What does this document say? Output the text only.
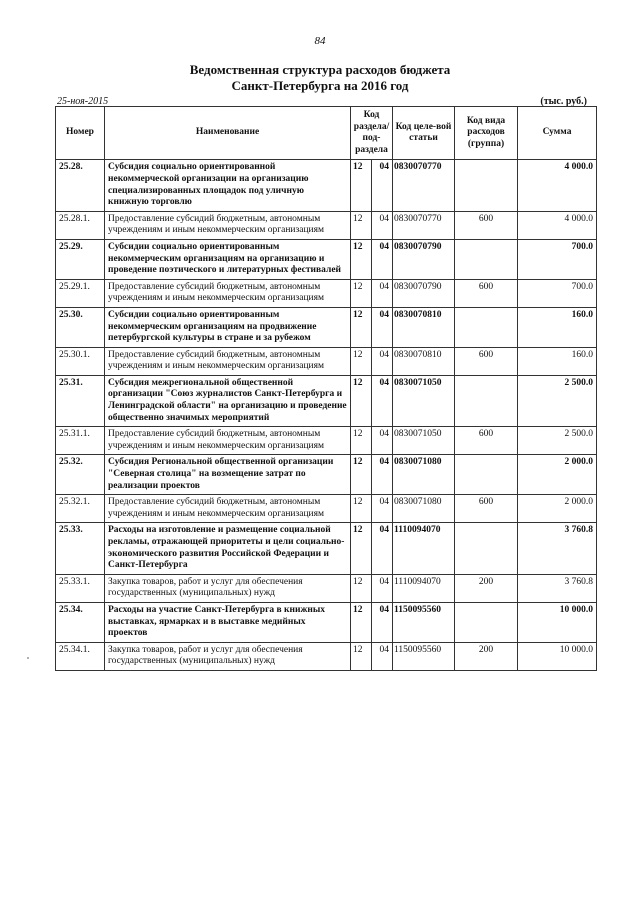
84
Ведомственная структура расходов бюджета
Санкт-Петербурга на 2016 год
25-ноя-2015	(тыс. руб.)
Номер	Наименование	Код раздела/ под-раздела		Код целе-вой статьи	Код вида расходов (группа)	Сумма
25.28.	Субсидия социально ориентированной некоммерческой организации на организацию специализированных площадок под уличную книжную торговлю	12	04	0830070770		4 000.0
25.28.1.	Предоставление субсидий бюджетным, автономным учреждениям и иным некоммерческим организациям	12	04	0830070770	600	4 000.0
25.29.	Субсидии социально ориентированным некоммерческим организациям на организацию и проведение поэтического и литературных фестивалей	12	04	0830070790		700.0
25.29.1.	Предоставление субсидий бюджетным, автономным учреждениям и иным некоммерческим организациям	12	04	0830070790	600	700.0
25.30.	Субсидии социально ориентированным некоммерческим организациям на продвижение петербургской культуры в стране и за рубежом	12	04	0830070810		160.0
25.30.1.	Предоставление субсидий бюджетным, автономным учреждениям и иным некоммерческим организациям	12	04	0830070810	600	160.0
25.31.	Субсидия межрегиональной общественной организации "Союз журналистов Санкт-Петербурга и Ленинградской области" на организацию и проведение общественно значимых мероприятий	12	04	0830071050		2 500.0
25.31.1.	Предоставление субсидий бюджетным, автономным учреждениям и иным некоммерческим организациям	12	04	0830071050	600	2 500.0
25.32.	Субсидия Региональной общественной организации "Северная столица" на возмещение затрат по реализации проектов	12	04	0830071080		2 000.0
25.32.1.	Предоставление субсидий бюджетным, автономным учреждениям и иным некоммерческим организациям	12	04	0830071080	600	2 000.0
25.33.	Расходы на изготовление и размещение социальной рекламы, отражающей приоритеты и цели социально-экономического развития Российской Федерации и Санкт-Петербурга	12	04	1110094070		3 760.8
25.33.1.	Закупка товаров, работ и услуг для обеспечения государственных (муниципальных) нужд	12	04	1110094070	200	3 760.8
25.34.	Расходы на участие Санкт-Петербурга в книжных выставках, ярмарках и в выставке медийных проектов	12	04	1150095560		10 000.0
25.34.1.	Закупка товаров, работ и услуг для обеспечения государственных (муниципальных) нужд	12	04	1150095560	200	10 000.0
